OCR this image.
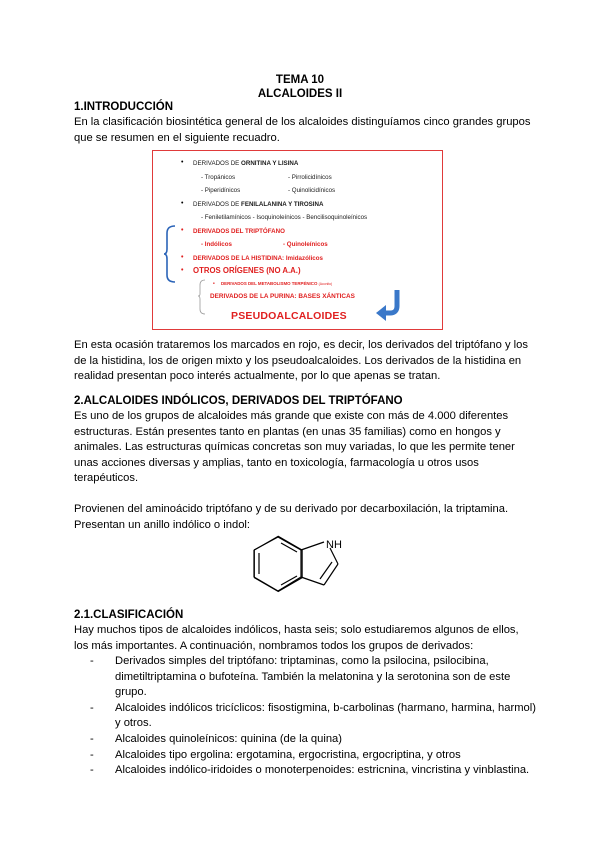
TEMA 10
ALCALOIDES II
1.INTRODUCCIÓN
En la clasificación biosintética general de los alcaloides distinguíamos cinco grandes grupos
que se resumen en el siguiente recuadro.
• DERIVADOS DE ORNITINA Y LISINA
- Tropánicos	- Pirrolicidínicos
- Piperidínicos	- Quinolicidínicos
• DERIVADOS DE FENILALANINA Y TIROSINA
- Feniletilamínicos - Isoquinoleínicos - Bencilisoquinoleínicos
• DERIVADOS DEL TRIPTÓFANO
- Indólicos	- Quinoleínicos
• DERIVADOS DE LA HISTIDINA: Imidazólicos
• OTROS ORÍGENES (NO A.A.)
• DERIVADOS DEL METABOLISMO TERPÉNICO (Aconito)
DERIVADOS DE LA PURINA: BASES XÁNTICAS
PSEUDOALCALOIDES
En esta ocasión trataremos los marcados en rojo, es decir, los derivados del triptófano y los
de la histidina, los de origen mixto y los pseudoalcaloides. Los derivados de la histidina en
realidad presentan poco interés actualmente, por lo que apenas se tratan.
2.ALCALOIDES INDÓLICOS, DERIVADOS DEL TRIPTÓFANO
Es uno de los grupos de alcaloides más grande que existe con más de 4.000 diferentes
estructuras. Están presentes tanto en plantas (en unas 35 familias) como en hongos y
animales. Las estructuras químicas concretas son muy variadas, lo que les permite tener
unas acciones diversas y amplias, tanto en toxicología, farmacología u otros usos
terapéuticos.
Provienen del aminoácido triptófano y de su derivado por decarboxilación, la triptamina.
Presentan un anillo indólico o indol:
NH
2.1.CLASIFICACIÓN
Hay muchos tipos de alcaloides indólicos, hasta seis; solo estudiaremos algunos de ellos,
los más importantes. A continuación, nombramos todos los grupos de derivados:
- Derivados simples del triptófano: triptaminas, como la psilocina, psilocibina,
dimetiltriptamina o bufoteína. También la melatonina y la serotonina son de este
grupo.
- Alcaloides indólicos tricíclicos: fisostigmina, b-carbolinas (harmano, harmina, harmol)
y otros.
- Alcaloides quinoleínicos: quinina (de la quina)
- Alcaloides tipo ergolina: ergotamina, ergocristina, ergocriptina, y otros
- Alcaloides indólico-iridoides o monoterpenoides: estricnina, vincristina y vinblastina.
